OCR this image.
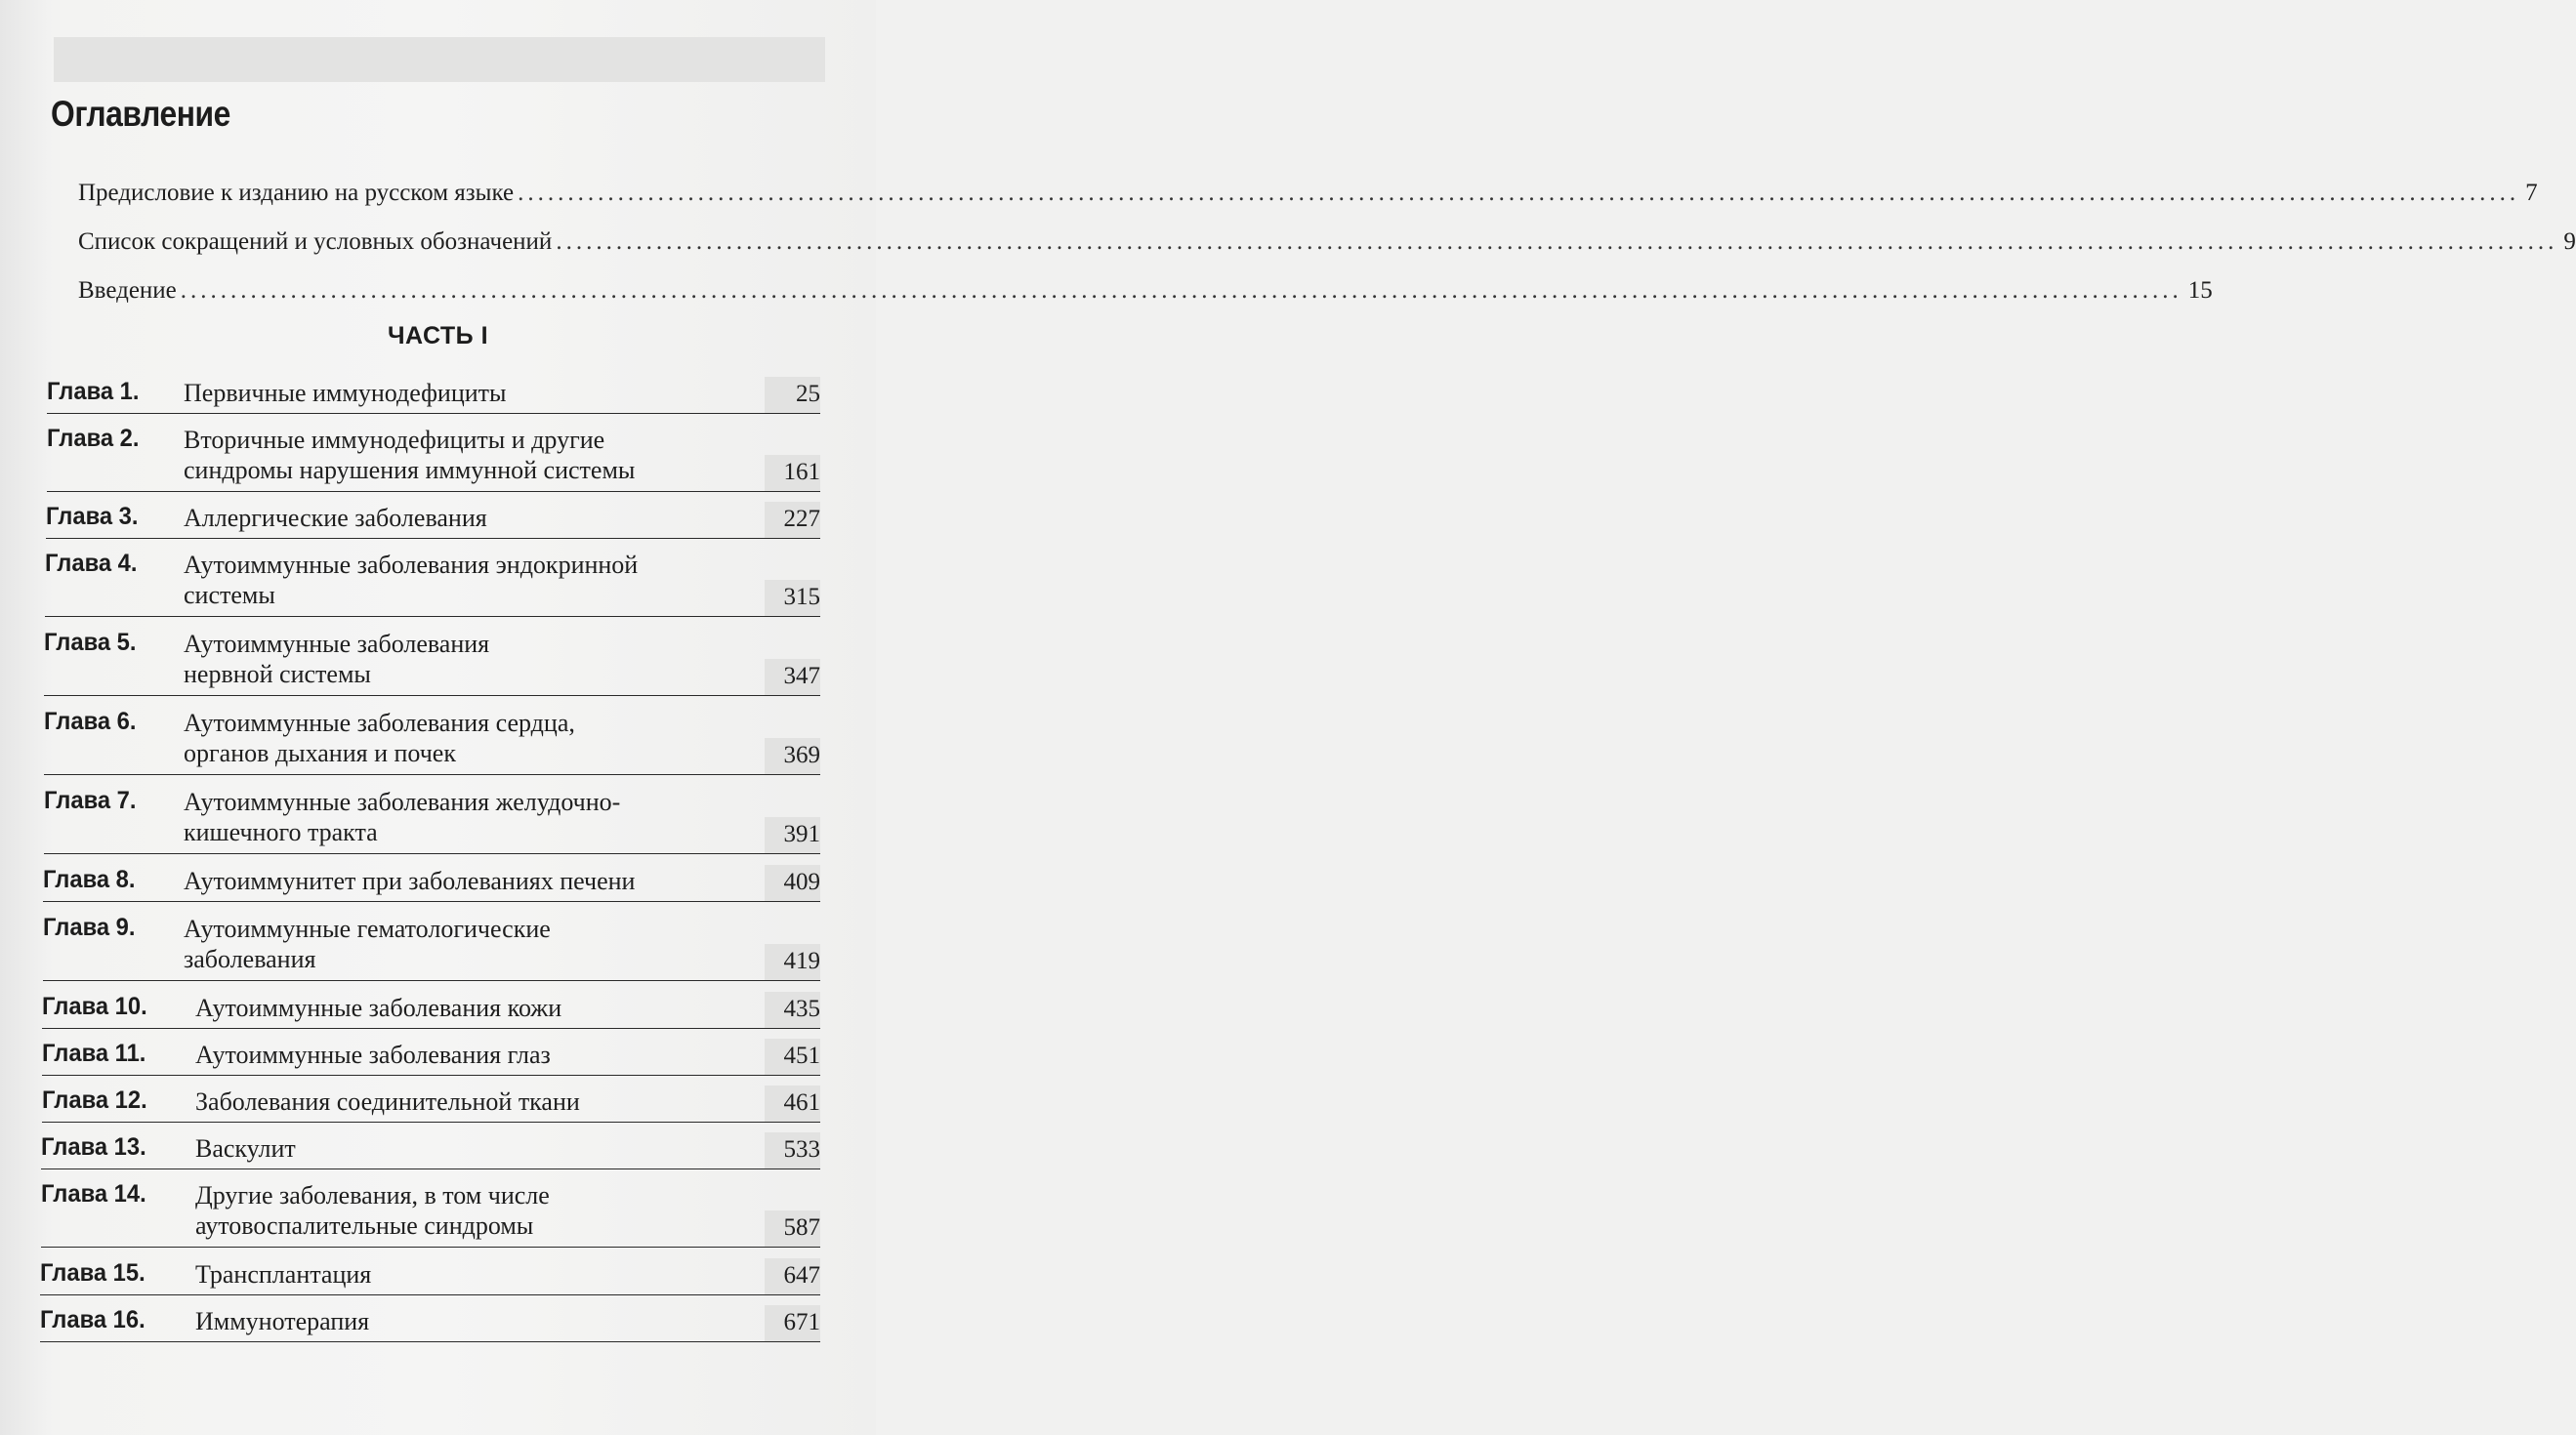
Оглавление
Предисловие к изданию на русском языке ........................................................................................................................................................................................................ 7
Список сокращений и условных обозначений ........................................................................................................................................................................................................ 9
Введение ........................................................................................................................................................................................................ 15
ЧАСТЬ I
Глава 1. Первичные иммунодефициты	25
Глава 2. Вторичные иммунодефициты и другие
синдромы нарушения иммунной системы	161
Глава 3. Аллергические заболевания	227
Глава 4. Аутоиммунные заболевания эндокринной
системы	315
Глава 5. Аутоиммунные заболевания
нервной системы	347
Глава 6. Аутоиммунные заболевания сердца,
органов дыхания и почек	369
Глава 7. Аутоиммунные заболевания желудочно-
кишечного тракта	391
Глава 8. Аутоиммунитет при заболеваниях печени	409
Глава 9. Аутоиммунные гематологические
заболевания	419
Глава 10. Аутоиммунные заболевания кожи	435
Глава 11. Аутоиммунные заболевания глаз	451
Глава 12. Заболевания соединительной ткани	461
Глава 13. Васкулит	533
Глава 14. Другие заболевания, в том числе
аутовоспалительные синдромы	587
Глава 15. Трансплантация	647
Глава 16. Иммунотерапия	671
